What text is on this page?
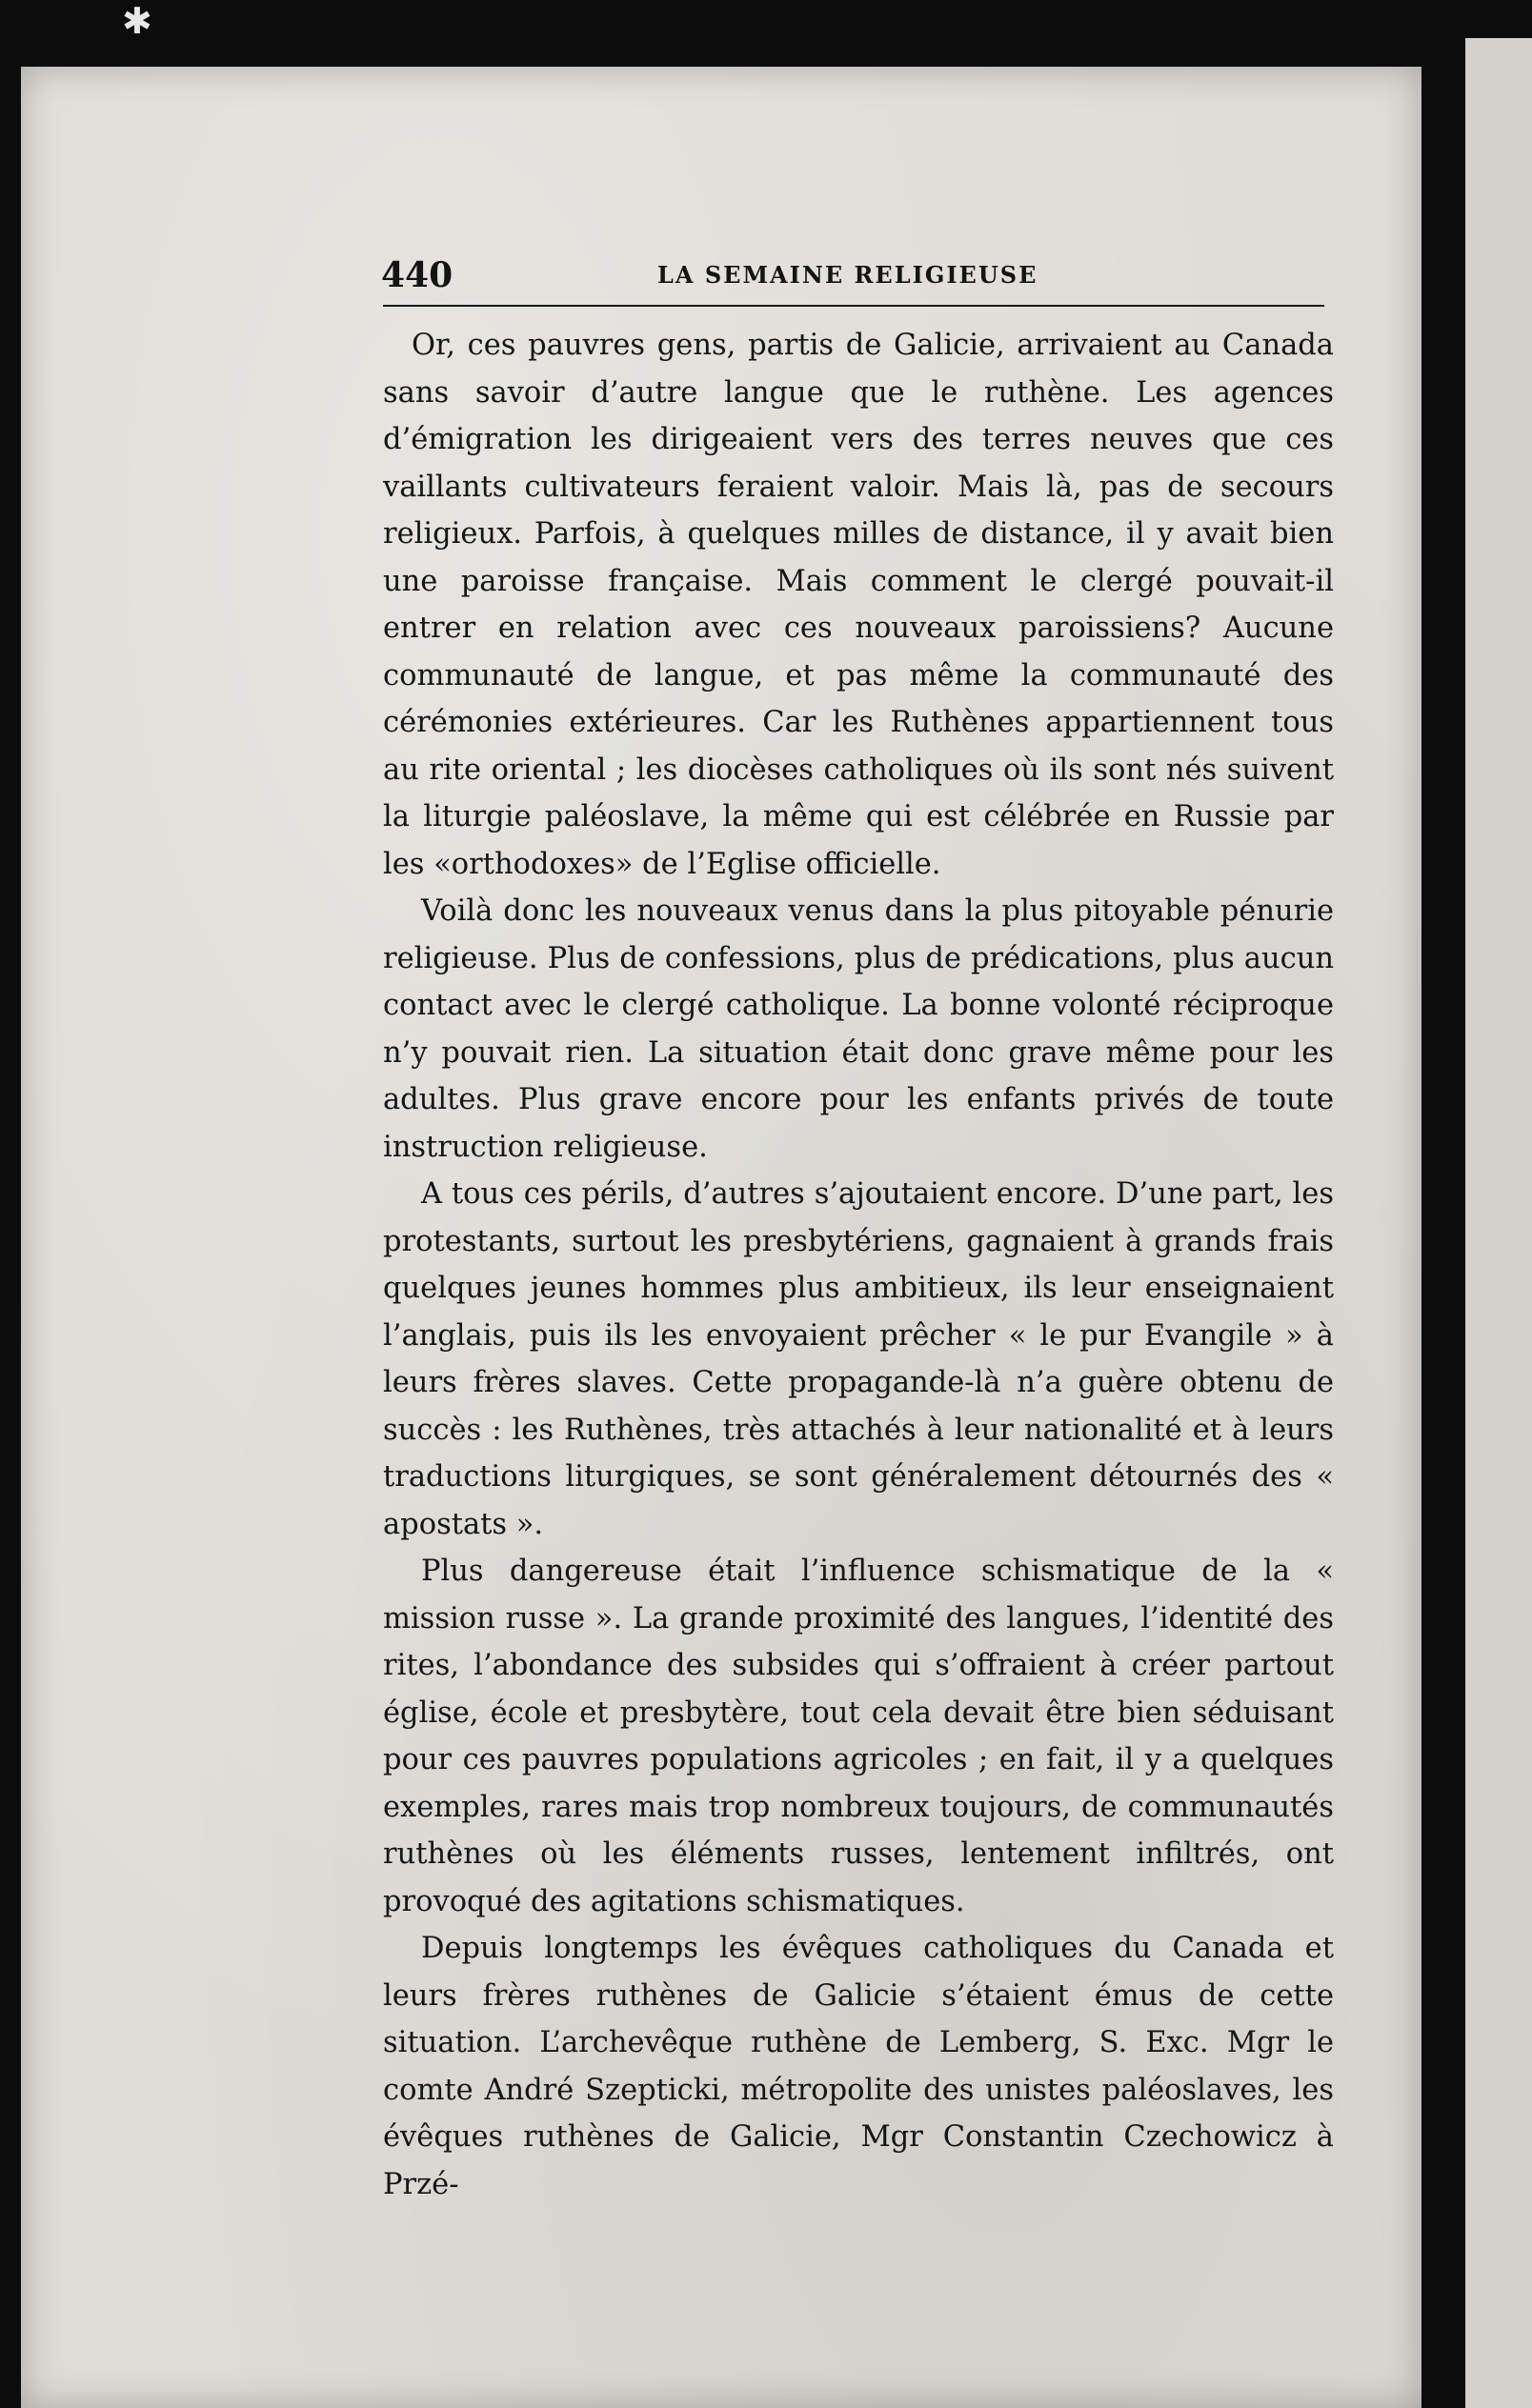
✱
440	LA SEMAINE RELIGIEUSE

Or, ces pauvres gens, partis de Galicie, arrivaient au Canada sans savoir d’autre langue que le ruthène. Les agences d’émigration les dirigeaient vers des terres neuves que ces vaillants cultivateurs feraient valoir. Mais là, pas de secours religieux. Parfois, à quelques milles de distance, il y avait bien une paroisse française. Mais comment le clergé pouvait-il entrer en relation avec ces nouveaux paroissiens? Aucune communauté de langue, et pas même la communauté des cérémonies extérieures. Car les Ruthènes appartiennent tous au rite oriental ; les diocèses catholiques où ils sont nés suivent la liturgie paléoslave, la même qui est célébrée en Russie par les «orthodoxes» de l’Eglise officielle.

Voilà donc les nouveaux venus dans la plus pitoyable pénurie religieuse. Plus de confessions, plus de prédications, plus aucun contact avec le clergé catholique. La bonne volonté réciproque n’y pouvait rien. La situation était donc grave même pour les adultes. Plus grave encore pour les enfants privés de toute instruction religieuse.

A tous ces périls, d’autres s’ajoutaient encore. D’une part, les protestants, surtout les presbytériens, gagnaient à grands frais quelques jeunes hommes plus ambitieux, ils leur enseignaient l’anglais, puis ils les envoyaient prêcher « le pur Evangile » à leurs frères slaves. Cette propagande-là n’a guère obtenu de succès : les Ruthènes, très attachés à leur nationalité et à leurs traductions liturgiques, se sont généralement détournés des « apostats ».

Plus dangereuse était l’influence schismatique de la « mission russe ». La grande proximité des langues, l’identité des rites, l’abondance des subsides qui s’offraient à créer partout église, école et presbytère, tout cela devait être bien séduisant pour ces pauvres populations agricoles ; en fait, il y a quelques exemples, rares mais trop nombreux toujours, de communautés ruthènes où les éléments russes, lentement infiltrés, ont provoqué des agitations schismatiques.

Depuis longtemps les évêques catholiques du Canada et leurs frères ruthènes de Galicie s’étaient émus de cette situation. L’archevêque ruthène de Lemberg, S. Exc. Mgr le comte André Szepticki, métropolite des unistes paléoslaves, les évêques ruthènes de Galicie, Mgr Constantin Czechowicz à Przé-
